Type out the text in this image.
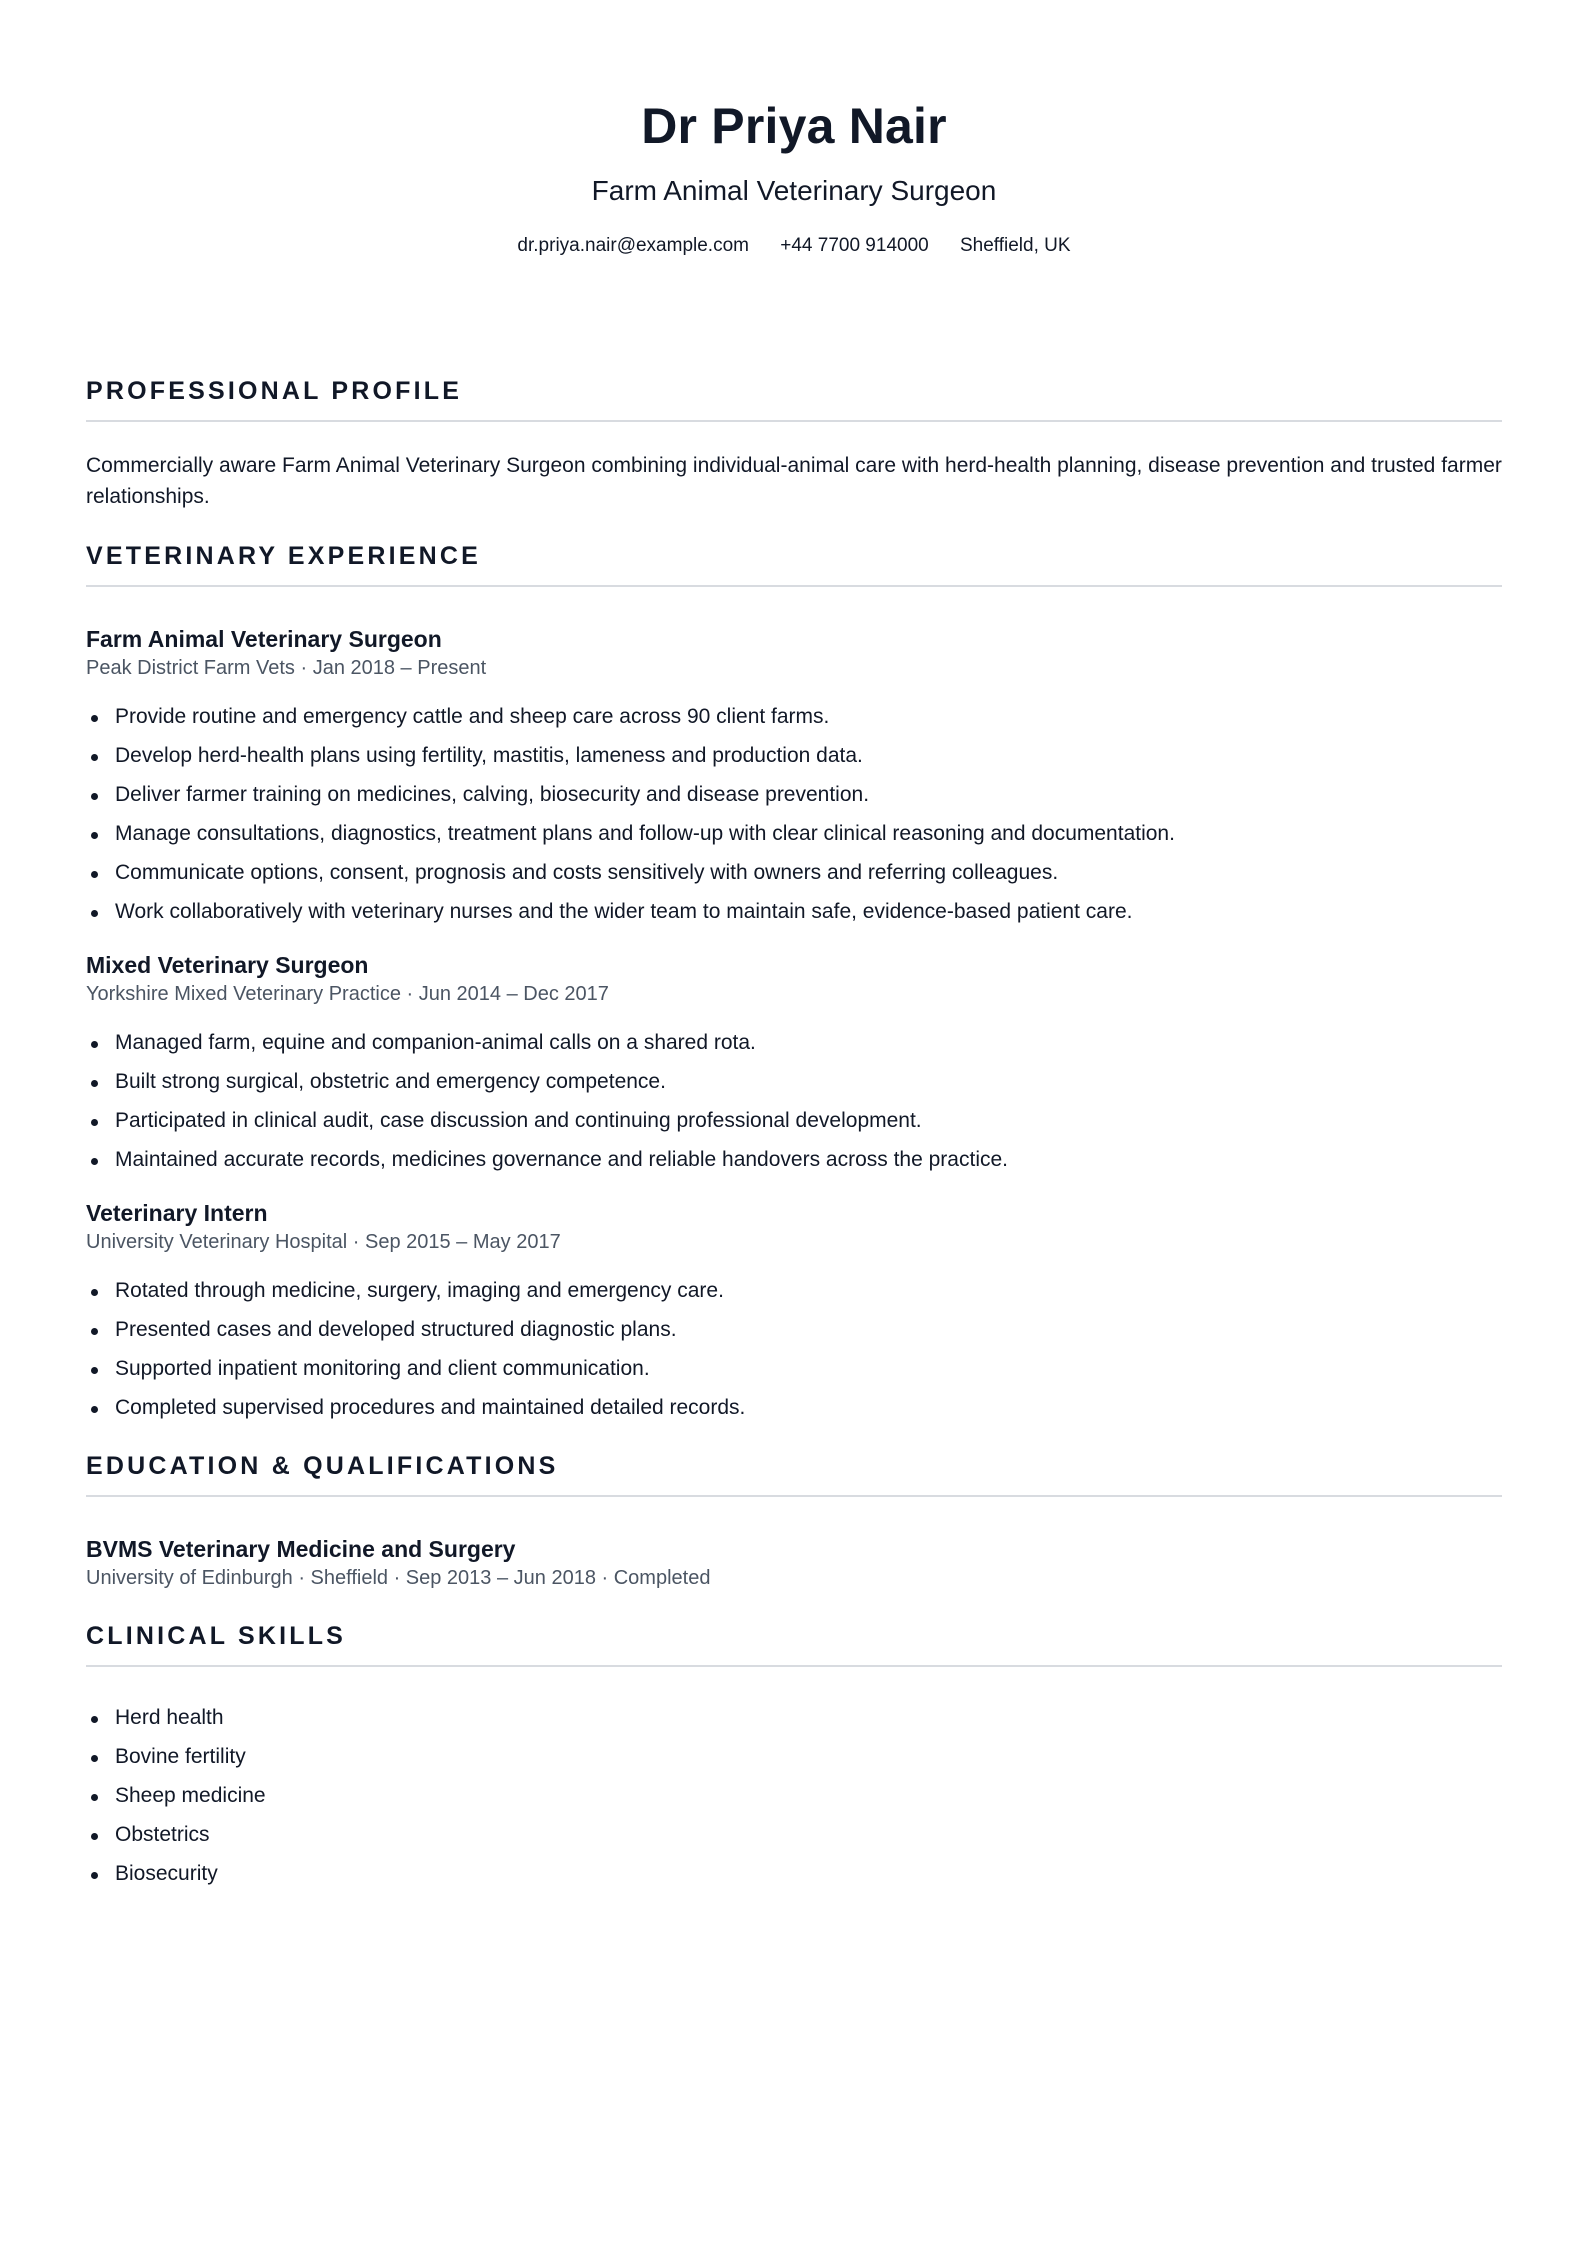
Dr Priya Nair
Farm Animal Veterinary Surgeon
dr.priya.nair@example.com +44 7700 914000 Sheffield, UK
PROFESSIONAL PROFILE
Commercially aware Farm Animal Veterinary Surgeon combining individual-animal care with herd-health planning, disease prevention and trusted farmer relationships.
VETERINARY EXPERIENCE
Farm Animal Veterinary Surgeon
Peak District Farm Vets · Jan 2018 – Present
Provide routine and emergency cattle and sheep care across 90 client farms.
Develop herd-health plans using fertility, mastitis, lameness and production data.
Deliver farmer training on medicines, calving, biosecurity and disease prevention.
Manage consultations, diagnostics, treatment plans and follow-up with clear clinical reasoning and documentation.
Communicate options, consent, prognosis and costs sensitively with owners and referring colleagues.
Work collaboratively with veterinary nurses and the wider team to maintain safe, evidence-based patient care.
Mixed Veterinary Surgeon
Yorkshire Mixed Veterinary Practice · Jun 2014 – Dec 2017
Managed farm, equine and companion-animal calls on a shared rota.
Built strong surgical, obstetric and emergency competence.
Participated in clinical audit, case discussion and continuing professional development.
Maintained accurate records, medicines governance and reliable handovers across the practice.
Veterinary Intern
University Veterinary Hospital · Sep 2015 – May 2017
Rotated through medicine, surgery, imaging and emergency care.
Presented cases and developed structured diagnostic plans.
Supported inpatient monitoring and client communication.
Completed supervised procedures and maintained detailed records.
EDUCATION & QUALIFICATIONS
BVMS Veterinary Medicine and Surgery
University of Edinburgh · Sheffield · Sep 2013 – Jun 2018 · Completed
CLINICAL SKILLS
Herd health
Bovine fertility
Sheep medicine
Obstetrics
Biosecurity
